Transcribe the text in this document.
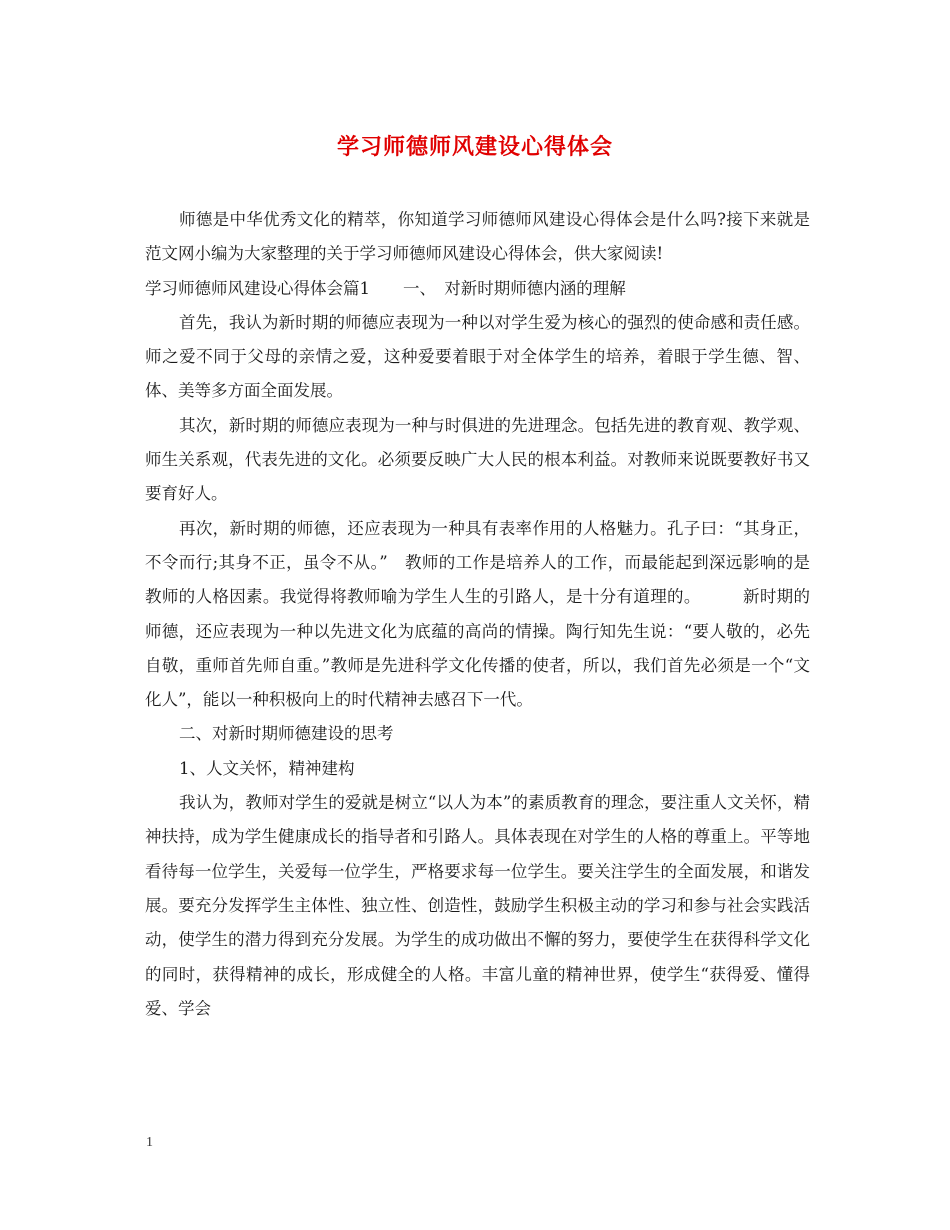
学习师德师风建设心得体会

师德是中华优秀文化的精萃，你知道学习师德师风建设心得体会是什么吗?接下来就是范文网小编为大家整理的关于学习师德师风建设心得体会，供大家阅读!

学习师德师风建设心得体会篇1　　一、　对新时期师德内涵的理解

首先，我认为新时期的师德应表现为一种以对学生爱为核心的强烈的使命感和责任感。师之爱不同于父母的亲情之爱，这种爱要着眼于对全体学生的培养，着眼于学生德、智、体、美等多方面全面发展。

其次，新时期的师德应表现为一种与时俱进的先进理念。包括先进的教育观、教学观、师生关系观，代表先进的文化。必须要反映广大人民的根本利益。对教师来说既要教好书又要育好人。

再次，新时期的师德，还应表现为一种具有表率作用的人格魅力。孔子曰：“其身正，不令而行;其身不正，虽令不从。”　教师的工作是培养人的工作，而最能起到深远影响的是教师的人格因素。我觉得将教师喻为学生人生的引路人，是十分有道理的。　　　新时期的师德，还应表现为一种以先进文化为底蕴的高尚的情操。陶行知先生说：“要人敬的，必先自敬，重师首先师自重。”教师是先进科学文化传播的使者，所以，我们首先必须是一个“文化人”，能以一种积极向上的时代精神去感召下一代。

二、对新时期师德建设的思考

1、人文关怀，精神建构

我认为，教师对学生的爱就是树立“以人为本”的素质教育的理念，要注重人文关怀，精神扶持，成为学生健康成长的指导者和引路人。具体表现在对学生的人格的尊重上。平等地看待每一位学生，关爱每一位学生，严格要求每一位学生。要关注学生的全面发展，和谐发展。要充分发挥学生主体性、独立性、创造性，鼓励学生积极主动的学习和参与社会实践活动，使学生的潜力得到充分发展。为学生的成功做出不懈的努力，要使学生在获得科学文化的同时，获得精神的成长，形成健全的人格。丰富儿童的精神世界，使学生“获得爱、懂得爱、学会

1
